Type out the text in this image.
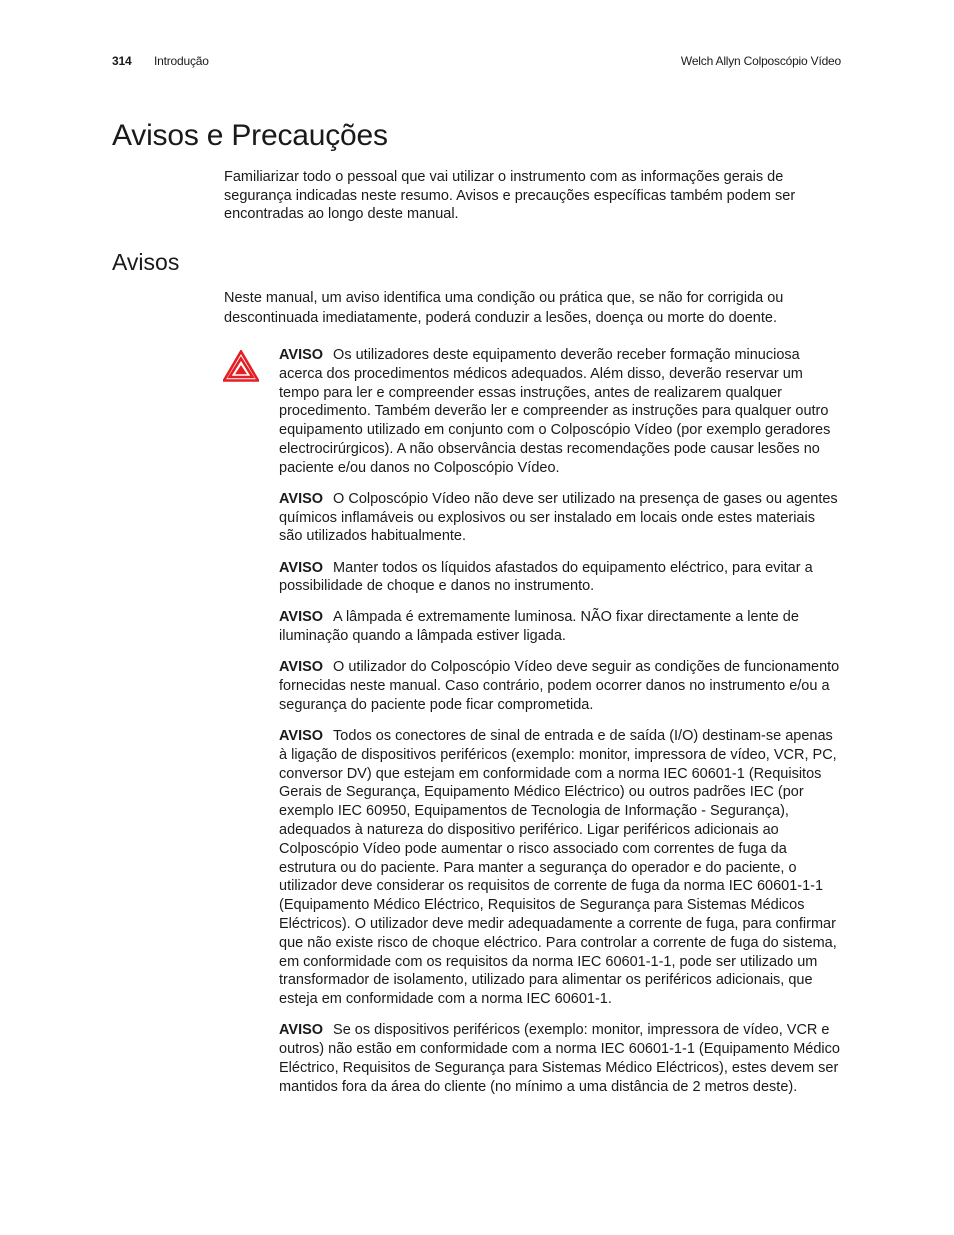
314 Introdução	Welch Allyn Colposcópio Vídeo
Avisos e Precauções

Familiarizar todo o pessoal que vai utilizar o instrumento com as informações gerais de segurança indicadas neste resumo. Avisos e precauções específicas também podem ser encontradas ao longo deste manual.

Avisos

Neste manual, um aviso identifica uma condição ou prática que, se não for corrigida ou descontinuada imediatamente, poderá conduzir a lesões, doença ou morte do doente.

AVISO Os utilizadores deste equipamento deverão receber formação minuciosa acerca dos procedimentos médicos adequados. Além disso, deverão reservar um tempo para ler e compreender essas instruções, antes de realizarem qualquer procedimento. Também deverão ler e compreender as instruções para qualquer outro equipamento utilizado em conjunto com o Colposcópio Vídeo (por exemplo geradores electrocirúrgicos). A não observância destas recomendações pode causar lesões no paciente e/ou danos no Colposcópio Vídeo.

AVISO O Colposcópio Vídeo não deve ser utilizado na presença de gases ou agentes químicos inflamáveis ou explosivos ou ser instalado em locais onde estes materiais são utilizados habitualmente.

AVISO Manter todos os líquidos afastados do equipamento eléctrico, para evitar a possibilidade de choque e danos no instrumento.

AVISO A lâmpada é extremamente luminosa. NÃO fixar directamente a lente de iluminação quando a lâmpada estiver ligada.

AVISO O utilizador do Colposcópio Vídeo deve seguir as condições de funcionamento fornecidas neste manual. Caso contrário, podem ocorrer danos no instrumento e/ou a segurança do paciente pode ficar comprometida.

AVISO Todos os conectores de sinal de entrada e de saída (I/O) destinam-se apenas à ligação de dispositivos periféricos (exemplo: monitor, impressora de vídeo, VCR, PC, conversor DV) que estejam em conformidade com a norma IEC 60601-1 (Requisitos Gerais de Segurança, Equipamento Médico Eléctrico) ou outros padrões IEC (por exemplo IEC 60950, Equipamentos de Tecnologia de Informação - Segurança), adequados à natureza do dispositivo periférico. Ligar periféricos adicionais ao Colposcópio Vídeo pode aumentar o risco associado com correntes de fuga da estrutura ou do paciente. Para manter a segurança do operador e do paciente, o utilizador deve considerar os requisitos de corrente de fuga da norma IEC 60601-1-1 (Equipamento Médico Eléctrico, Requisitos de Segurança para Sistemas Médicos Eléctricos). O utilizador deve medir adequadamente a corrente de fuga, para confirmar que não existe risco de choque eléctrico. Para controlar a corrente de fuga do sistema, em conformidade com os requisitos da norma IEC 60601-1-1, pode ser utilizado um transformador de isolamento, utilizado para alimentar os periféricos adicionais, que esteja em conformidade com a norma IEC 60601-1.

AVISO Se os dispositivos periféricos (exemplo: monitor, impressora de vídeo, VCR e outros) não estão em conformidade com a norma IEC 60601-1-1 (Equipamento Médico Eléctrico, Requisitos de Segurança para Sistemas Médico Eléctricos), estes devem ser mantidos fora da área do cliente (no mínimo a uma distância de 2 metros deste).
